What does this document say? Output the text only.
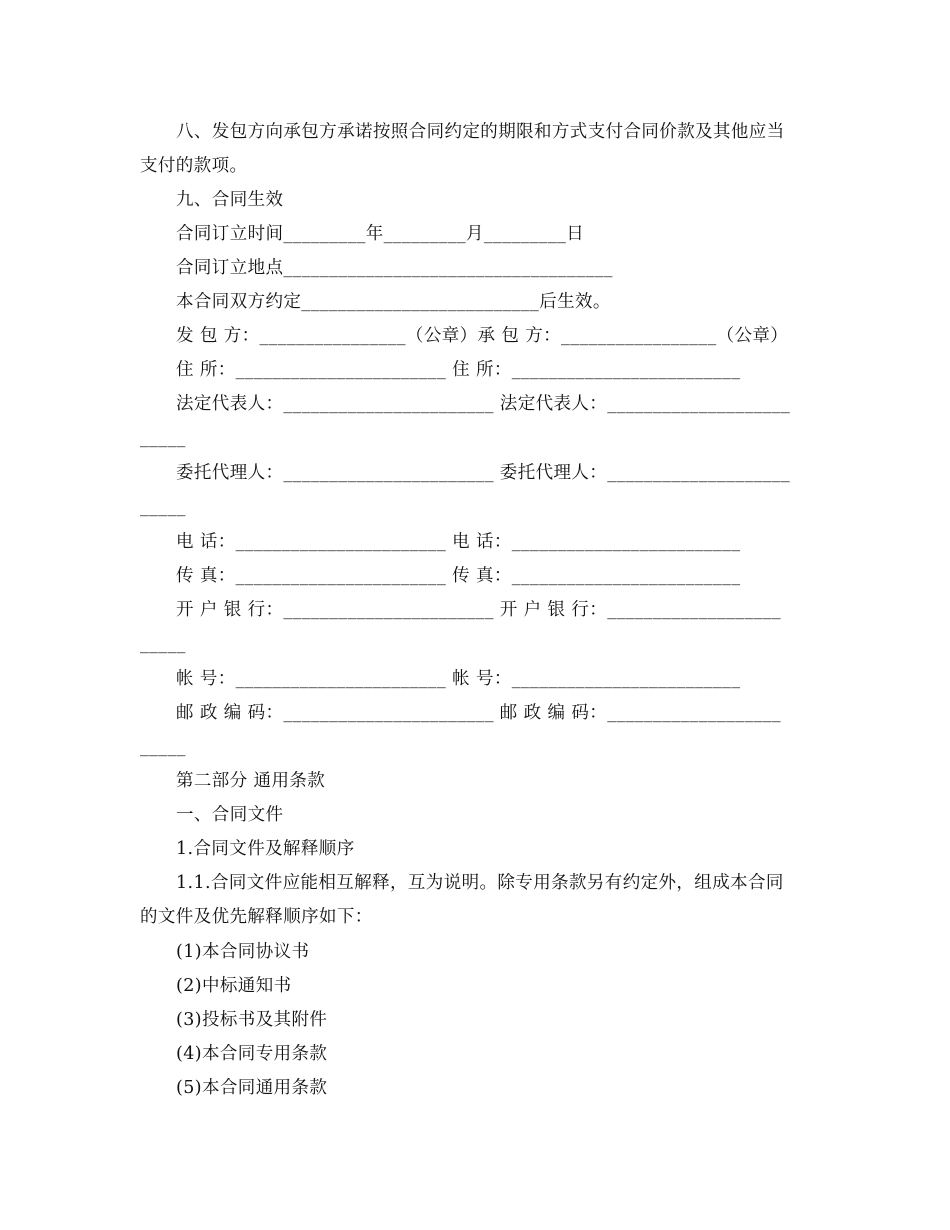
八、发包方向承包方承诺按照合同约定的期限和方式支付合同价款及其他应当
支付的款项。
九、合同生效
合同订立时间_________年_________月_________日
合同订立地点____________________________________
本合同双方约定__________________________后生效。
发 包 方：________________（公章）承 包 方：_________________（公章）
住 所：_______________________ 住 所：_________________________
法定代表人：_______________________ 法定代表人：____________________
_____
委托代理人：_______________________ 委托代理人：____________________
_____
电 话：_______________________ 电 话：_________________________
传 真：_______________________ 传 真：_________________________
开 户 银 行：_______________________ 开 户 银 行：___________________
_____
帐 号：_______________________ 帐 号：_________________________
邮 政 编 码：_______________________ 邮 政 编 码：___________________
_____
第二部分 通用条款
一、合同文件
1.合同文件及解释顺序
1.1.合同文件应能相互解释，互为说明。除专用条款另有约定外，组成本合同
的文件及优先解释顺序如下：
(1)本合同协议书
(2)中标通知书
(3)投标书及其附件
(4)本合同专用条款
(5)本合同通用条款
